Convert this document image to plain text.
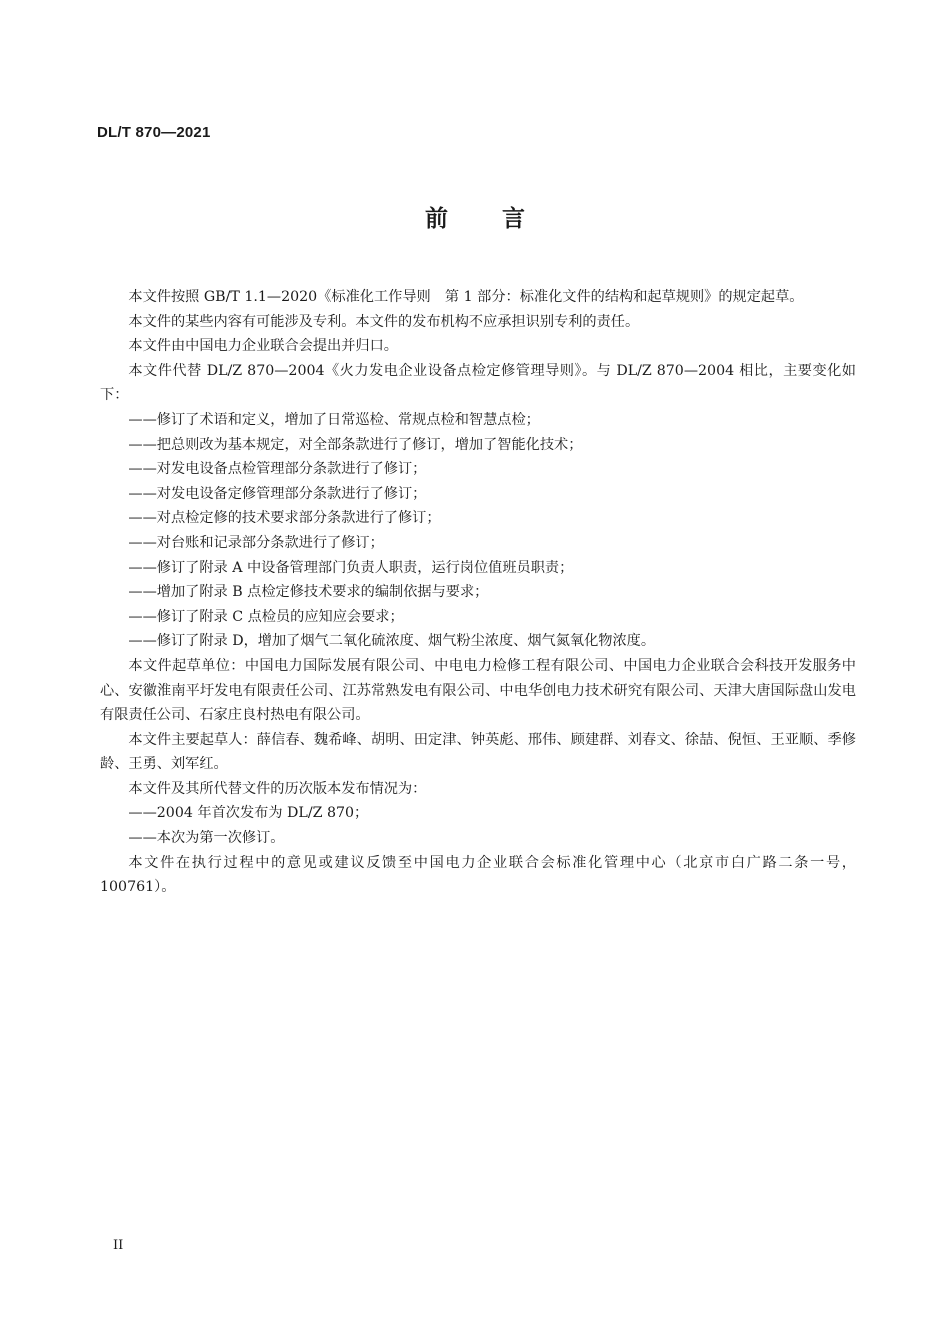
DL/T 870—2021
前言

本文件按照 GB/T 1.1—2020《标准化工作导则　第 1 部分：标准化文件的结构和起草规则》的规定起草。

本文件的某些内容有可能涉及专利。本文件的发布机构不应承担识别专利的责任。

本文件由中国电力企业联合会提出并归口。

本文件代替 DL/Z 870—2004《火力发电企业设备点检定修管理导则》。与 DL/Z 870—2004 相比，主要变化如下：

——修订了术语和定义，增加了日常巡检、常规点检和智慧点检；

——把总则改为基本规定，对全部条款进行了修订，增加了智能化技术；

——对发电设备点检管理部分条款进行了修订；

——对发电设备定修管理部分条款进行了修订；

——对点检定修的技术要求部分条款进行了修订；

——对台账和记录部分条款进行了修订；

——修订了附录 A 中设备管理部门负责人职责，运行岗位值班员职责；

——增加了附录 B 点检定修技术要求的编制依据与要求；

——修订了附录 C 点检员的应知应会要求；

——修订了附录 D，增加了烟气二氧化硫浓度、烟气粉尘浓度、烟气氮氧化物浓度。

本文件起草单位：中国电力国际发展有限公司、中电电力检修工程有限公司、中国电力企业联合会科技开发服务中心、安徽淮南平圩发电有限责任公司、江苏常熟发电有限公司、中电华创电力技术研究有限公司、天津大唐国际盘山发电有限责任公司、石家庄良村热电有限公司。

本文件主要起草人：薛信春、魏希峰、胡明、田定津、钟英彪、邢伟、顾建群、刘春文、徐喆、倪恒、王亚顺、季修龄、王勇、刘军红。

本文件及其所代替文件的历次版本发布情况为：

——2004 年首次发布为 DL/Z 870；

——本次为第一次修订。

本文件在执行过程中的意见或建议反馈至中国电力企业联合会标准化管理中心（北京市白广路二条一号，100761）。

II
